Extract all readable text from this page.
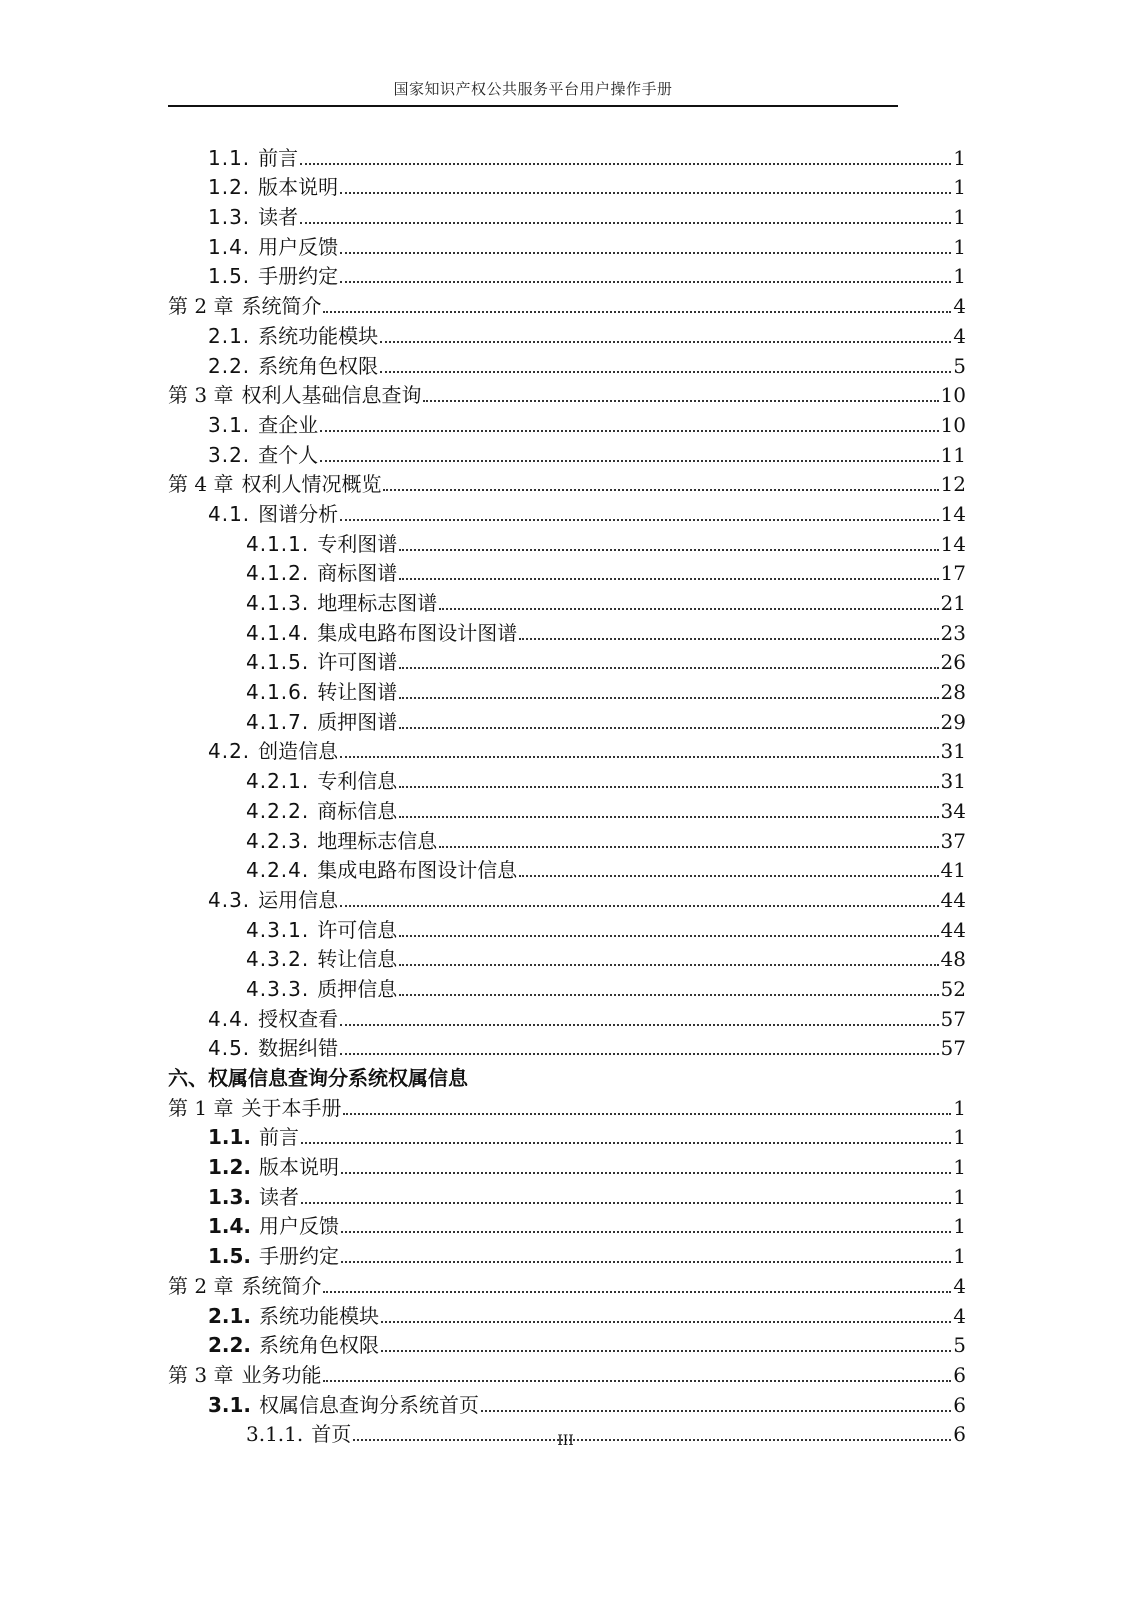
国家知识产权公共服务平台用户操作手册
1.1. 前言	1
1.2. 版本说明	1
1.3. 读者	1
1.4. 用户反馈	1
1.5. 手册约定	1
第 2 章 系统简介	4
2.1. 系统功能模块	4
2.2. 系统角色权限	5
第 3 章 权利人基础信息查询	10
3.1. 查企业	10
3.2. 查个人	11
第 4 章 权利人情况概览	12
4.1. 图谱分析	14
4.1.1. 专利图谱	14
4.1.2. 商标图谱	17
4.1.3. 地理标志图谱	21
4.1.4. 集成电路布图设计图谱	23
4.1.5. 许可图谱	26
4.1.6. 转让图谱	28
4.1.7. 质押图谱	29
4.2. 创造信息	31
4.2.1. 专利信息	31
4.2.2. 商标信息	34
4.2.3. 地理标志信息	37
4.2.4. 集成电路布图设计信息	41
4.3. 运用信息	44
4.3.1. 许可信息	44
4.3.2. 转让信息	48
4.3.3. 质押信息	52
4.4. 授权查看	57
4.5. 数据纠错	57
六、权属信息查询分系统权属信息
第 1 章 关于本手册	1
1.1. 前言	1
1.2. 版本说明	1
1.3. 读者	1
1.4. 用户反馈	1
1.5. 手册约定	1
第 2 章 系统简介	4
2.1. 系统功能模块	4
2.2. 系统角色权限	5
第 3 章 业务功能	6
3.1. 权属信息查询分系统首页	6
3.1.1. 首页	6
III
